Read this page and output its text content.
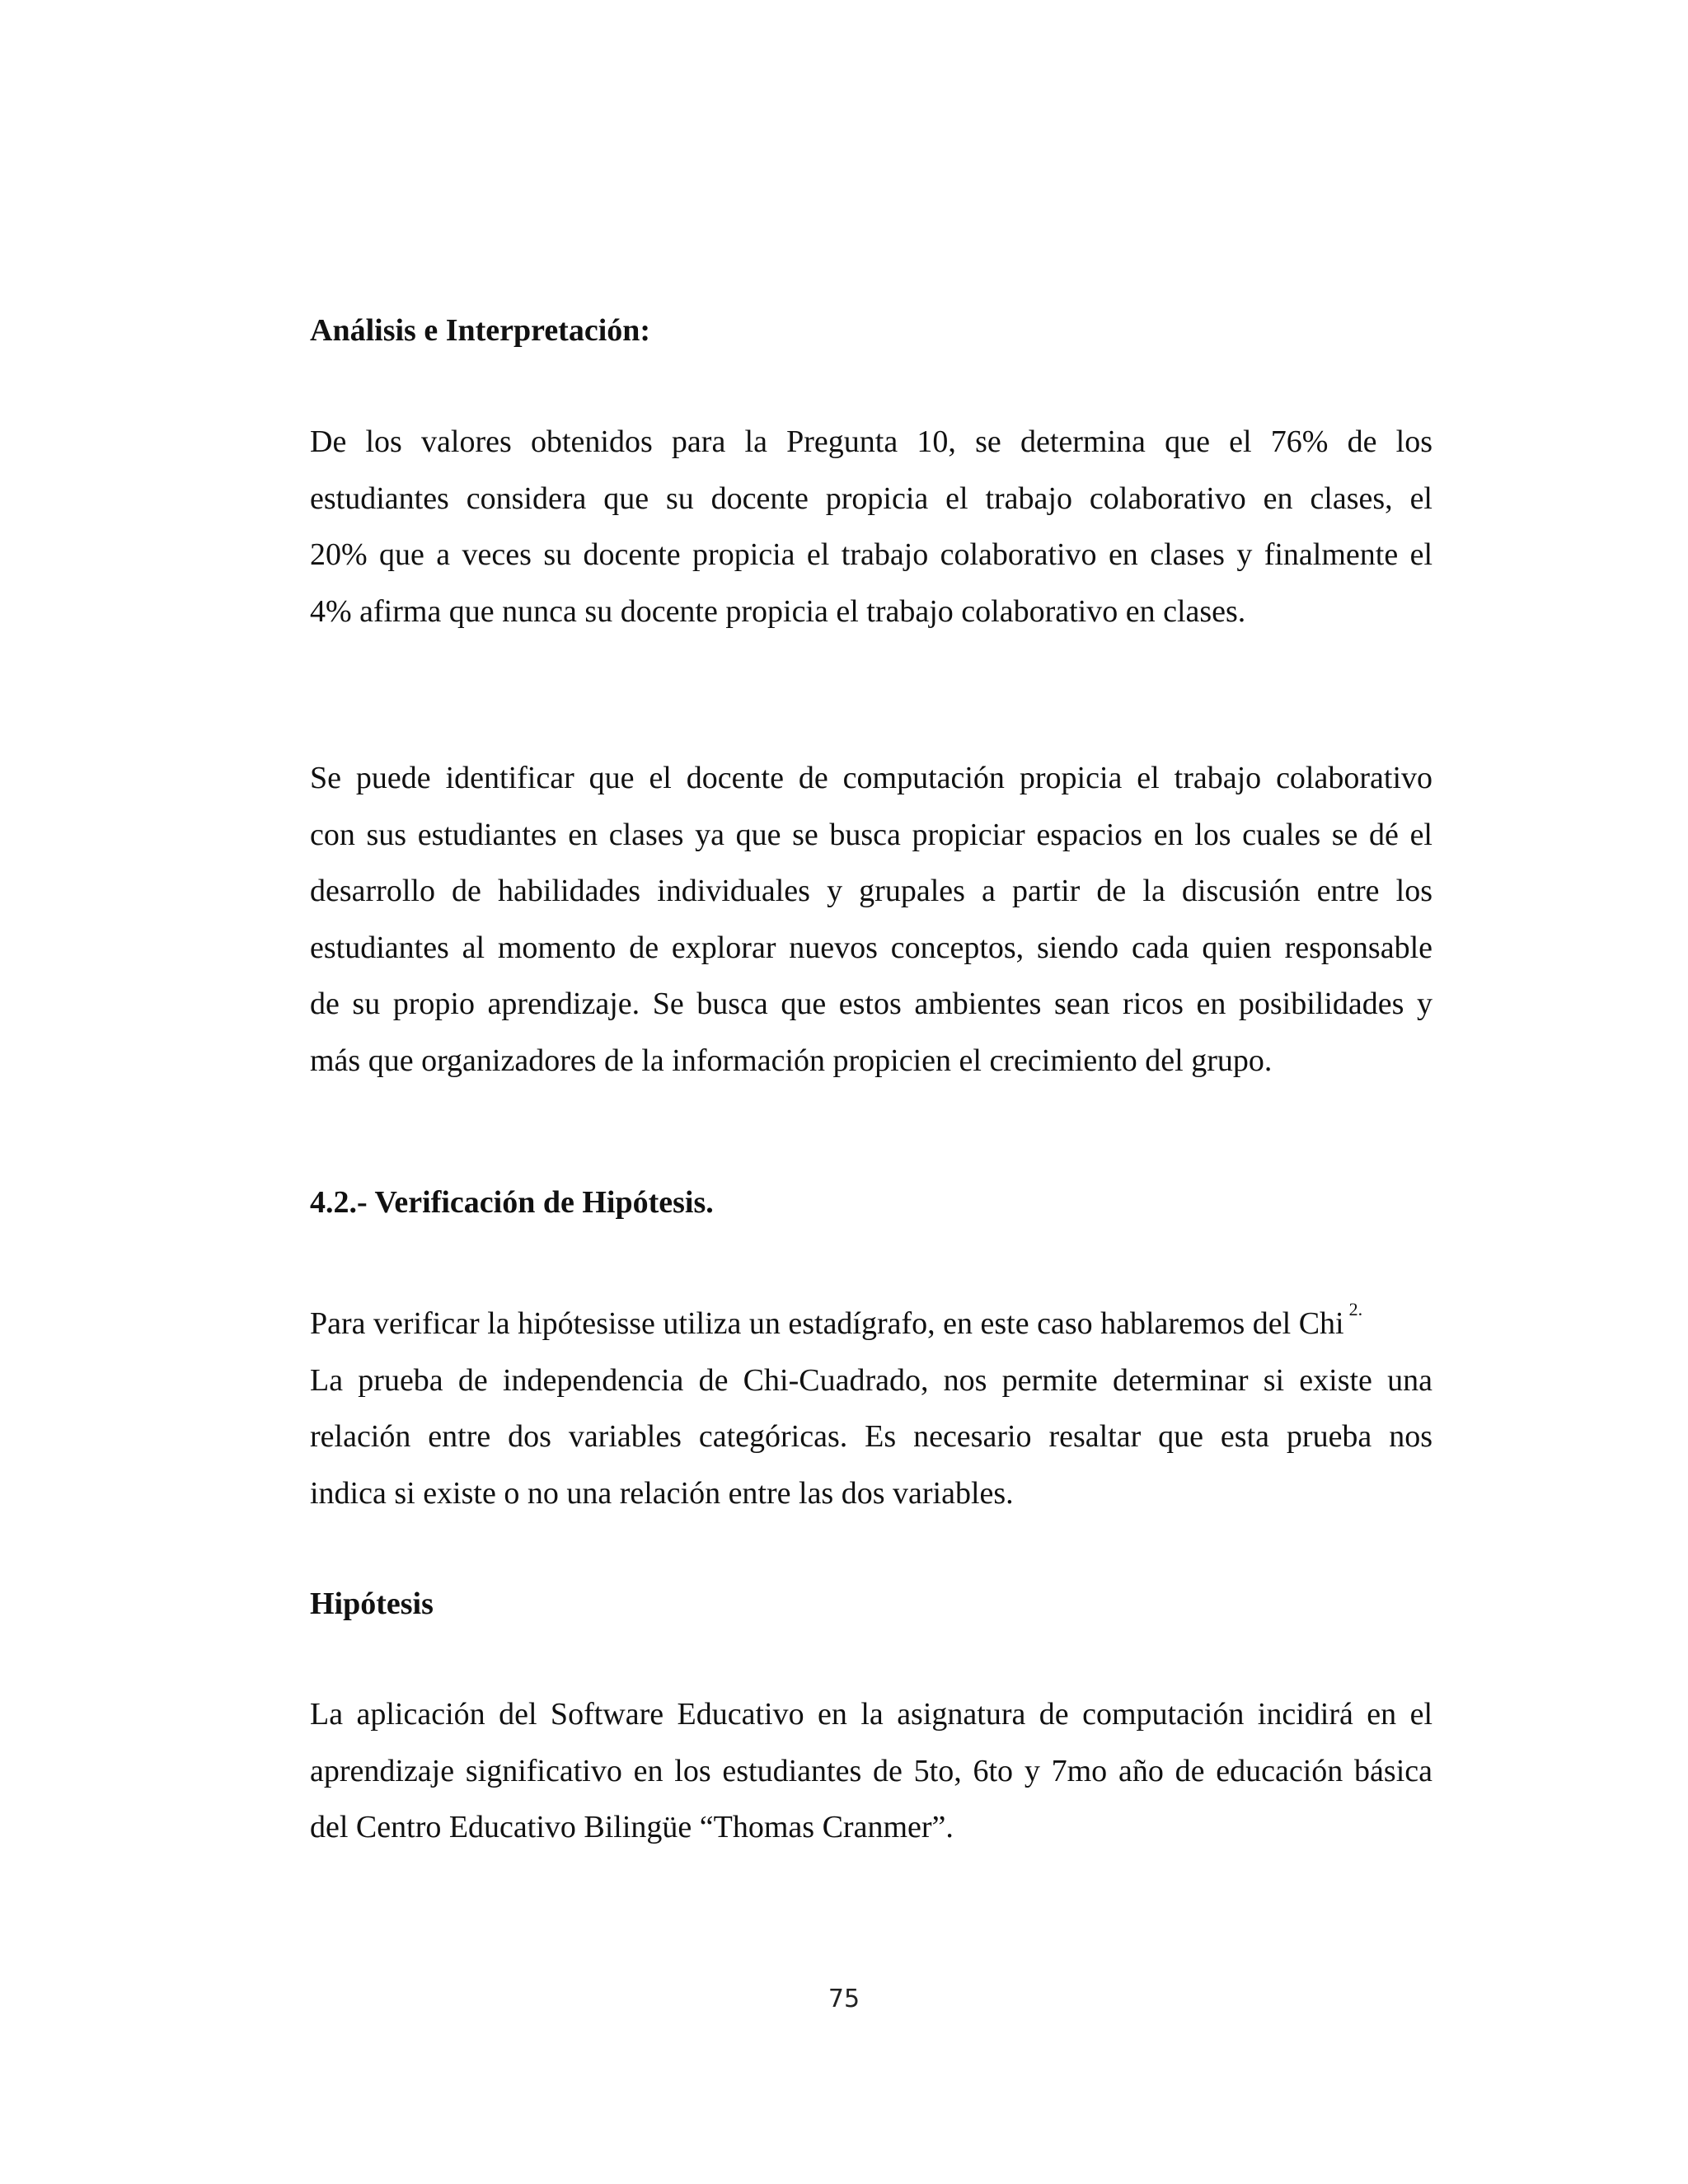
Análisis e Interpretación:

De los valores obtenidos para la Pregunta 10, se determina que el 76% de los
estudiantes considera que su docente propicia el trabajo colaborativo en clases, el
20% que a veces su docente propicia el trabajo colaborativo en clases y finalmente el
4% afirma que nunca su docente propicia el trabajo colaborativo en clases.

Se puede identificar que el docente de computación propicia el trabajo colaborativo
con sus estudiantes en clases ya que se busca propiciar espacios en los cuales se dé el
desarrollo de habilidades individuales y grupales a partir de la discusión entre los
estudiantes al momento de explorar nuevos conceptos, siendo cada quien responsable
de su propio aprendizaje. Se busca que estos ambientes sean ricos en posibilidades y
más que organizadores de la información propicien el crecimiento del grupo.

4.2.- Verificación de Hipótesis.

Para verificar la hipótesisse utiliza un estadígrafo, en este caso hablaremos del Chi $^{2.}$
La prueba de independencia de Chi-Cuadrado, nos permite determinar si existe una
relación entre dos variables categóricas. Es necesario resaltar que esta prueba nos
indica si existe o no una relación entre las dos variables.

Hipótesis

La aplicación del Software Educativo en la asignatura de computación incidirá en el
aprendizaje significativo en los estudiantes de 5to, 6to y 7mo año de educación básica
del Centro Educativo Bilingüe “Thomas Cranmer”.

75
